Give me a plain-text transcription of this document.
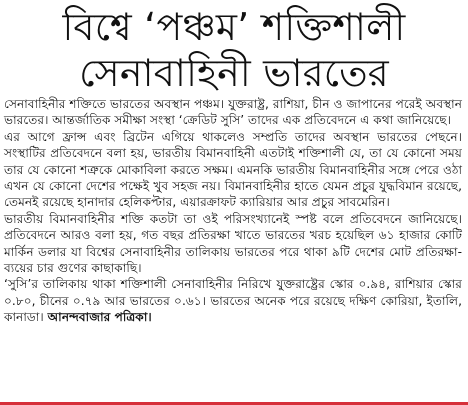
বিশ্বে ‘পঞ্চম’ শক্তিশালী
সেনাবাহিনী ভারতের

সেনাবাহিনীর শক্তিতে ভারতের অবস্থান পঞ্চম। যুক্তরাষ্ট্র, রাশিয়া, চীন ও জাপানের পরেই অবস্থান ভারতের। আন্তর্জাতিক সমীক্ষা সংস্থা ‘ক্রেডিট সুসি’ তাদের এক প্রতিবেদনে এ কথা জানিয়েছে।

এর আগে ফ্রান্স এবং ব্রিটেন এগিয়ে থাকলেও সম্প্রতি তাদের অবস্থান ভারতের পেছনে। সংস্থাটির প্রতিবেদনে বলা হয়, ভারতীয় বিমানবাহিনী এতটাই শক্তিশালী যে, তা যে কোনো সময় তার যে কোনো শত্রুকে মোকাবিলা করতে সক্ষম। এমনকি ভারতীয় বিমানবাহিনীর সঙ্গে পেরে ওঠা এখন যে কোনো দেশের পক্ষেই খুব সহজ নয়। বিমানবাহিনীর হাতে যেমন প্রচুর যুদ্ধবিমান রয়েছে, তেমনই রয়েছে হানাদার হেলিকপ্টার, এয়ারক্রাফট ক্যারিয়ার আর প্রচুর সাবমেরিন।

ভারতীয় বিমানবাহিনীর শক্তি কতটা তা ওই পরিসংখ্যানেই স্পষ্ট বলে প্রতিবেদনে জানিয়েছে। প্রতিবেদনে আরও বলা হয়, গত বছর প্রতিরক্ষা খাতে ভারতের খরচ হয়েছিল ৬১ হাজার কোটি মার্কিন ডলার যা বিশ্বের সেনাবাহিনীর তালিকায় ভারতের পরে থাকা ৯টি দেশের মোট প্রতিরক্ষা-ব্যয়ের চার গুণের কাছাকাছি।

‘সুসি’র তালিকায় থাকা শক্তিশালী সেনাবাহিনীর নিরিখে যুক্তরাষ্ট্রের স্কোর ০.৯৪, রাশিয়ার স্কোর ০.৮০, চীনের ০.৭৯ আর ভারতের ০.৬১। ভারতের অনেক পরে রয়েছে দক্ষিণ কোরিয়া, ইতালি, কানাডা। আনন্দবাজার পত্রিকা।
